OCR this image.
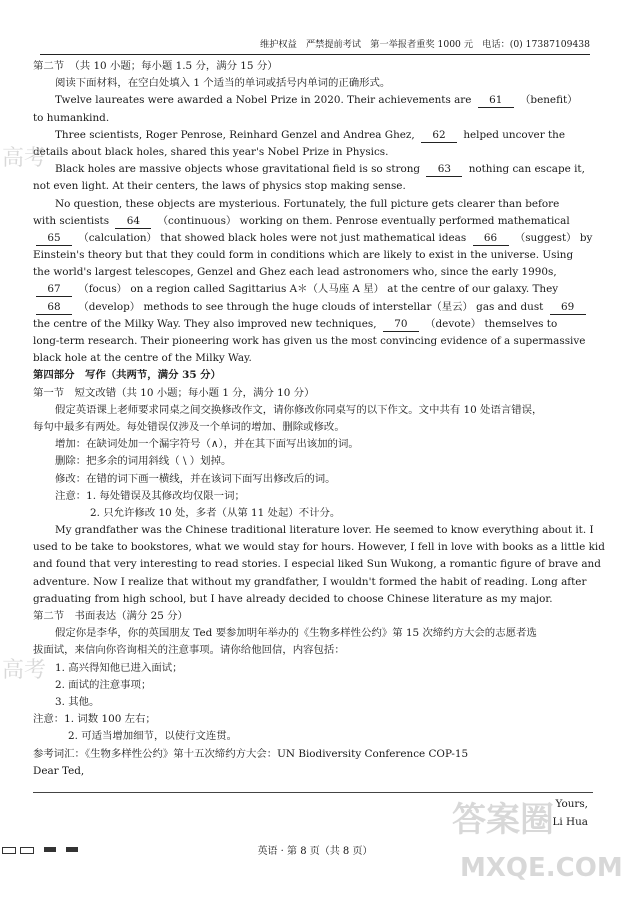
维护权益　严禁提前考试　第一举报者重奖 1000 元　电话：(0) 17387109438
第二节　（共 10 小题；每小题 1.5 分，满分 15 分）
阅读下面材料，在空白处填入 1 个适当的单词或括号内单词的正确形式。
Twelve laureates were awarded a Nobel Prize in 2020. Their achievements are 61 （benefit）
to humankind.
Three scientists, Roger Penrose, Reinhard Genzel and Andrea Ghez, 62 helped uncover the
details about black holes, shared this year's Nobel Prize in Physics.
Black holes are massive objects whose gravitational field is so strong 63 nothing can escape it,
not even light. At their centers, the laws of physics stop making sense.
No question, these objects are mysterious. Fortunately, the full picture gets clearer than before
with scientists 64 （continuous） working on them. Penrose eventually performed mathematical
65 （calculation） that showed black holes were not just mathematical ideas 66 （suggest） by
Einstein's theory but that they could form in conditions which are likely to exist in the universe. Using
the world's largest telescopes, Genzel and Ghez each lead astronomers who, since the early 1990s,
67 （focus） on a region called Sagittarius A＊（人马座 A 星） at the centre of our galaxy. They
68 （develop） methods to see through the huge clouds of interstellar（星云） gas and dust 69
the centre of the Milky Way. They also improved new techniques, 70 （devote） themselves to
long-term research. Their pioneering work has given us the most convincing evidence of a supermassive
black hole at the centre of the Milky Way.
第四部分　写作（共两节，满分 35 分）
第一节　短文改错（共 10 小题；每小题 1 分，满分 10 分）
假定英语课上老师要求同桌之间交换修改作文，请你修改你同桌写的以下作文。文中共有 10 处语言错误，
每句中最多有两处。每处错误仅涉及一个单词的增加、删除或修改。
增加：在缺词处加一个漏字符号（∧），并在其下面写出该加的词。
删除：把多余的词用斜线（ \ ）划掉。
修改：在错的词下画一横线，并在该词下面写出修改后的词。
注意：1. 每处错误及其修改均仅限一词；
2. 只允许修改 10 处，多者（从第 11 处起）不计分。
My grandfather was the Chinese traditional literature lover. He seemed to know everything about it. I
used to be take to bookstores, what we would stay for hours. However, I fell in love with books as a little kid
and found that very interesting to read stories. I especial liked Sun Wukong, a romantic figure of brave and
adventure. Now I realize that without my grandfather, I wouldn't formed the habit of reading. Long after
graduating from high school, but I have already decided to choose Chinese literature as my major.
第二节　书面表达（满分 25 分）
假定你是李华，你的英国朋友 Ted 要参加明年举办的《生物多样性公约》第 15 次缔约方大会的志愿者选
拔面试，来信向你咨询相关的注意事项。请你给他回信，内容包括：
1. 高兴得知他已进入面试；
2. 面试的注意事项；
3. 其他。
注意：1. 词数 100 左右；
2. 可适当增加细节，以使行文连贯。
参考词汇：《生物多样性公约》第十五次缔约方大会：UN Biodiversity Conference COP-15
Dear Ted,
Yours,
Li Hua
英语 · 第 8 页（共 8 页）
高考
高考
答案圈
MXQE.COM
